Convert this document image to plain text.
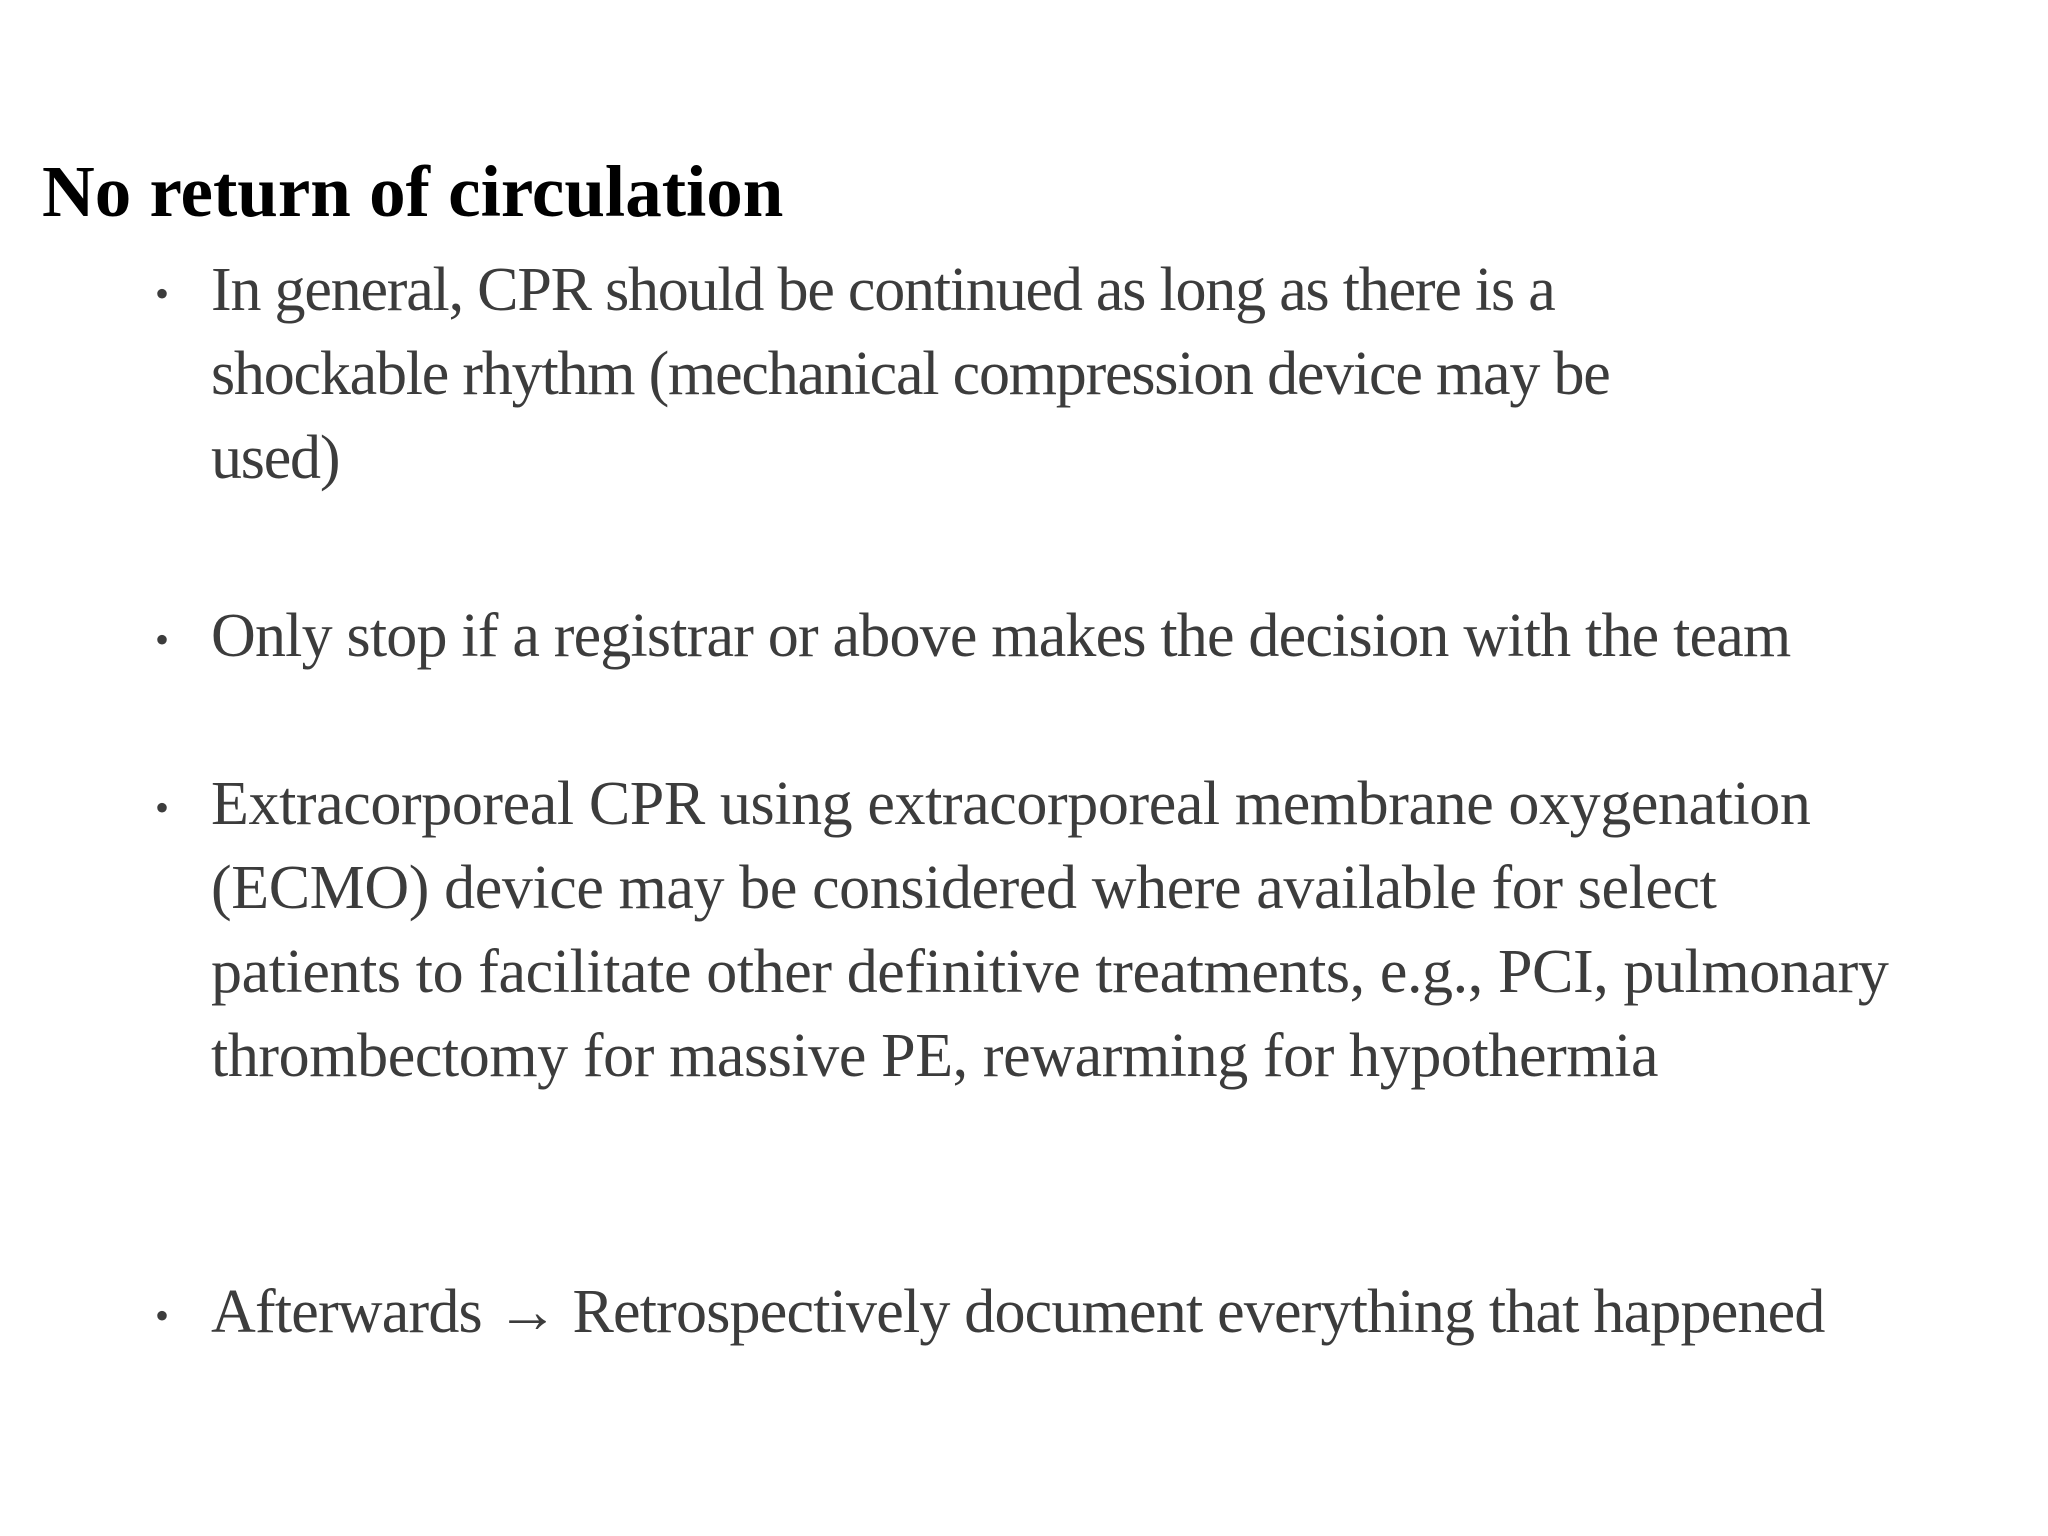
No return of circulation
• In general, CPR should be continued as long as there is a
shockable rhythm (mechanical compression device may be
used)
• Only stop if a registrar or above makes the decision with the team
• Extracorporeal CPR using extracorporeal membrane oxygenation (ECMO) device may be considered where available for select patients to facilitate other definitive treatments, e.g., PCI, pulmonary thrombectomy for massive PE, rewarming for hypothermia
• Afterwards → Retrospectively document everything that happened
